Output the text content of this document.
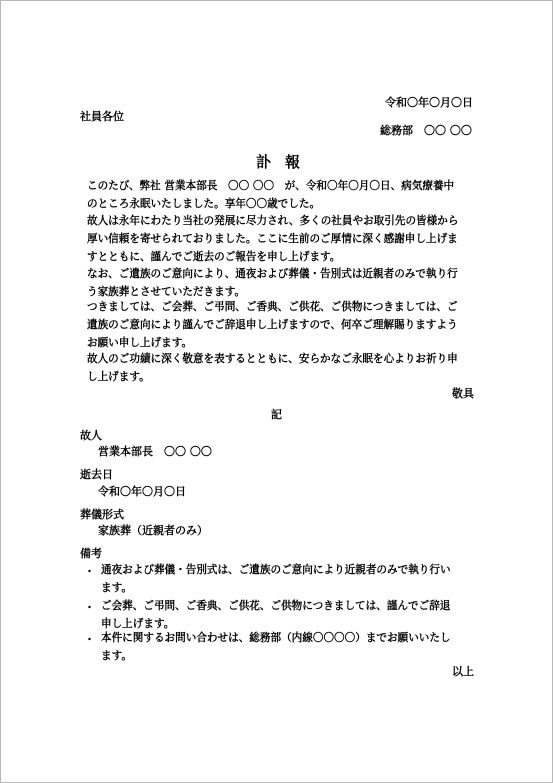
令和〇年〇月〇日
社員各位
総務部　〇〇 〇〇
訃報
このたび、弊社 営業本部長　〇〇 〇〇　が、令和〇年〇月〇日、病気療養中
のところ永眠いたしました。享年〇〇歳でした。
故人は永年にわたり当社の発展に尽力され、多くの社員やお取引先の皆様から
厚い信頼を寄せられておりました。ここに生前のご厚情に深く感謝申し上げま
すとともに、謹んでご逝去のご報告を申し上げます。
なお、ご遺族のご意向により、通夜および葬儀・告別式は近親者のみで執り行
う家族葬とさせていただきます。
つきましては、ご会葬、ご弔問、ご香典、ご供花、ご供物につきましては、ご
遺族のご意向により謹んでご辞退申し上げますので、何卒ご理解賜りますよう
お願い申し上げます。
故人のご功績に深く敬意を表するとともに、安らかなご永眠を心よりお祈り申
し上げます。
敬具
記
故人
営業本部長　〇〇 〇〇
逝去日
令和〇年〇月〇日
葬儀形式
家族葬（近親者のみ）
備考
・ 通夜および葬儀・告別式は、ご遺族のご意向により近親者のみで執り行い
ます。
・ ご会葬、ご弔問、ご香典、ご供花、ご供物につきましては、謹んでご辞退
申し上げます。
・ 本件に関するお問い合わせは、総務部（内線〇〇〇〇）までお願いいたし
ます。
以上
